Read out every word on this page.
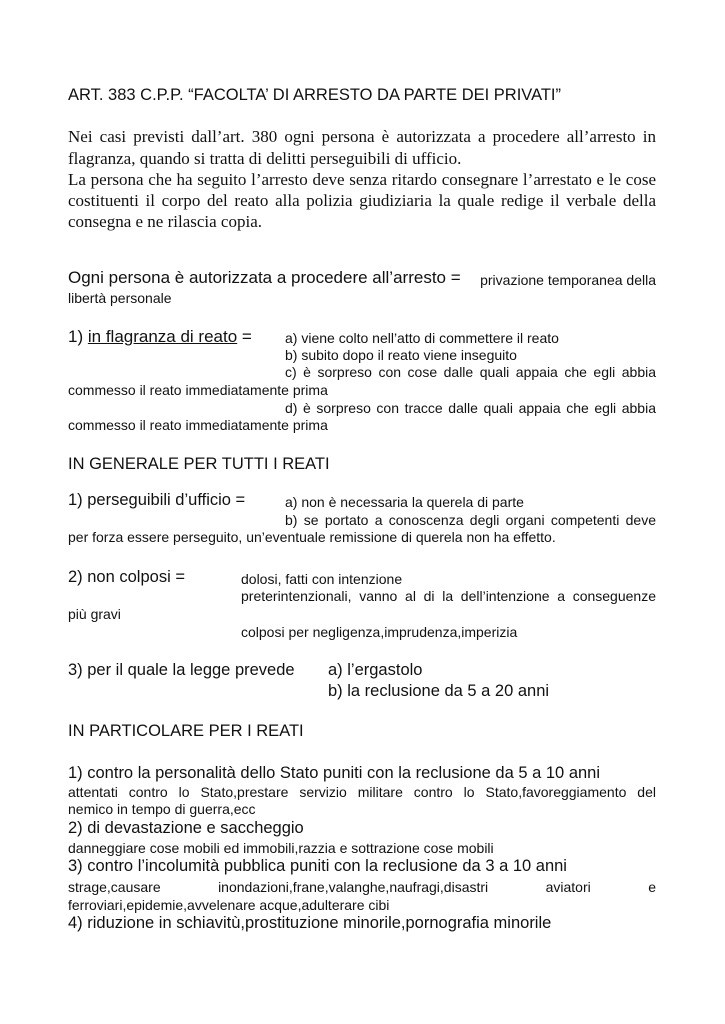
ART. 383 C.P.P. “FACOLTA’ DI ARRESTO DA PARTE DEI PRIVATI”
Nei casi previsti dall’art. 380 ogni persona è autorizzata a procedere all’arresto in
flagranza, quando si tratta di delitti perseguibili di ufficio.
La persona che ha seguito l’arresto deve senza ritardo consegnare l’arrestato e le cose
costituenti il corpo del reato alla polizia giudiziaria la quale redige il verbale della
consegna e ne rilascia copia.
Ogni persona è autorizzata a procedere all’arresto =	privazione temporanea della
libertà personale
1) in flagranza di reato = a) viene colto nell’atto di commettere il reato
b) subito dopo il reato viene inseguito
c) è sorpreso con cose dalle quali appaia che egli abbia
commesso il reato immediatamente prima
d) è sorpreso con tracce dalle quali appaia che egli abbia
commesso il reato immediatamente prima
IN GENERALE PER TUTTI I REATI
1) perseguibili d’ufficio =	a) non è necessaria la querela di parte
b) se portato a conoscenza degli organi competenti deve
per forza essere perseguito, un’eventuale remissione di querela non ha effetto.
2) non colposi =	dolosi, fatti con intenzione
preterintenzionali, vanno al di la dell’intenzione a conseguenze
più gravi
colposi per negligenza,imprudenza,imperizia
3) per il quale la legge prevede a) l’ergastolo
b) la reclusione da 5 a 20 anni
IN PARTICOLARE PER I REATI
1) contro la personalità dello Stato puniti con la reclusione da 5 a 10 anni
attentati contro lo Stato,prestare servizio militare contro lo Stato,favoreggiamento del
nemico in tempo di guerra,ecc
2) di devastazione e saccheggio
danneggiare cose mobili ed immobili,razzia e sottrazione cose mobili
3) contro l’incolumità pubblica puniti con la reclusione da 3 a 10 anni
strage,causare inondazioni,frane,valanghe,naufragi,disastri aviatori e
ferroviari,epidemie,avvelenare acque,adulterare cibi
4) riduzione in schiavitù,prostituzione minorile,pornografia minorile
